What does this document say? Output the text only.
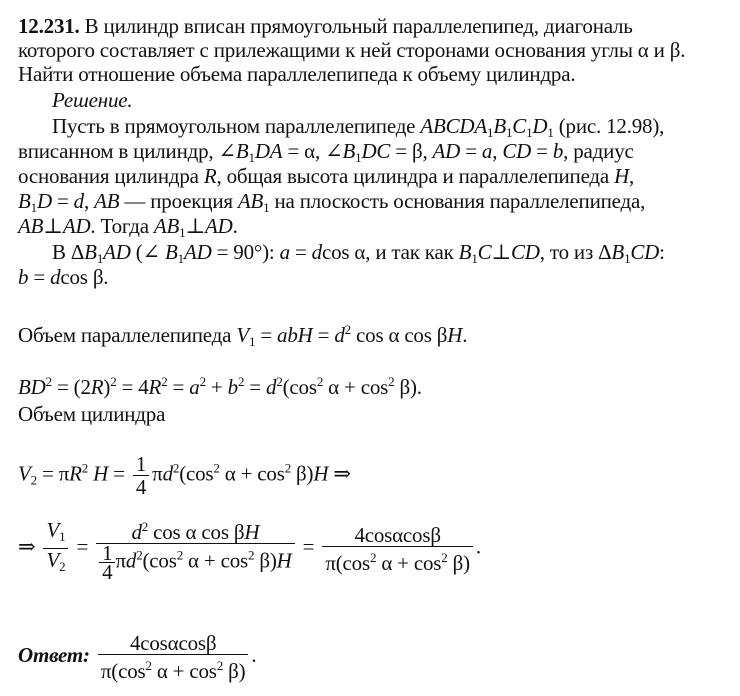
12.231. В цилиндр вписан прямоугольный параллелепипед, диагональ
которого составляет с прилежащими к ней сторонами основания углы α и β.
Найти отношение объема параллелепипеда к объему цилиндра.
Решение.
Пусть в прямоугольном параллелепипеде $ABCDA_1B_1C_1D_1$ (рис. 12.98),
вписанном в цилиндр, $\angle B_1DA = \alpha$, $\angle B_1DC = \beta$, AD = a, CD = b, радиус
основания цилиндра R, общая высота цилиндра и параллелепипеда H,
$B_1D = d$, AB — проекция $AB_1$ на плоскость основания параллелепипеда,
AB⊥AD. Тогда $AB_1\perp AD$.
В $\Delta B_1AD$ (∠ $B_1AD = 90^\circ$): a = dcos α, и так как $B_1C\perp CD$, то из $\Delta B_1CD$:
b = dcos β.
Объем параллелепипеда $V_1$ = abH = $d^2$ cos α cos βH.
$BD^2 = (2R)^2 = 4R^2 = a^2 + b^2 = d^2(\cos^2$ $\alpha + \cos^2 \beta$).
Объем цилиндра
$V_2 = \pi R^2$ $H = \frac{1}{4} \pi d^2(\cos^2$ $\alpha + \cos^2 \beta)H$ ⇒
⇒ $\frac{V_1}{V_2} = \frac{d^2 \cos \alpha \cos \beta H}{\frac{1}{4} \pi d^2(\cos^2 \alpha + \cos^2 \beta)H} = \frac{4\cos\alpha\cos\beta}{\pi(\cos^2 \alpha + \cos^2 \beta)}$ .
Ответ: $\frac{4\cos\alpha\cos\beta}{\pi(\cos^2 \alpha + \cos^2 \beta)}$ .
